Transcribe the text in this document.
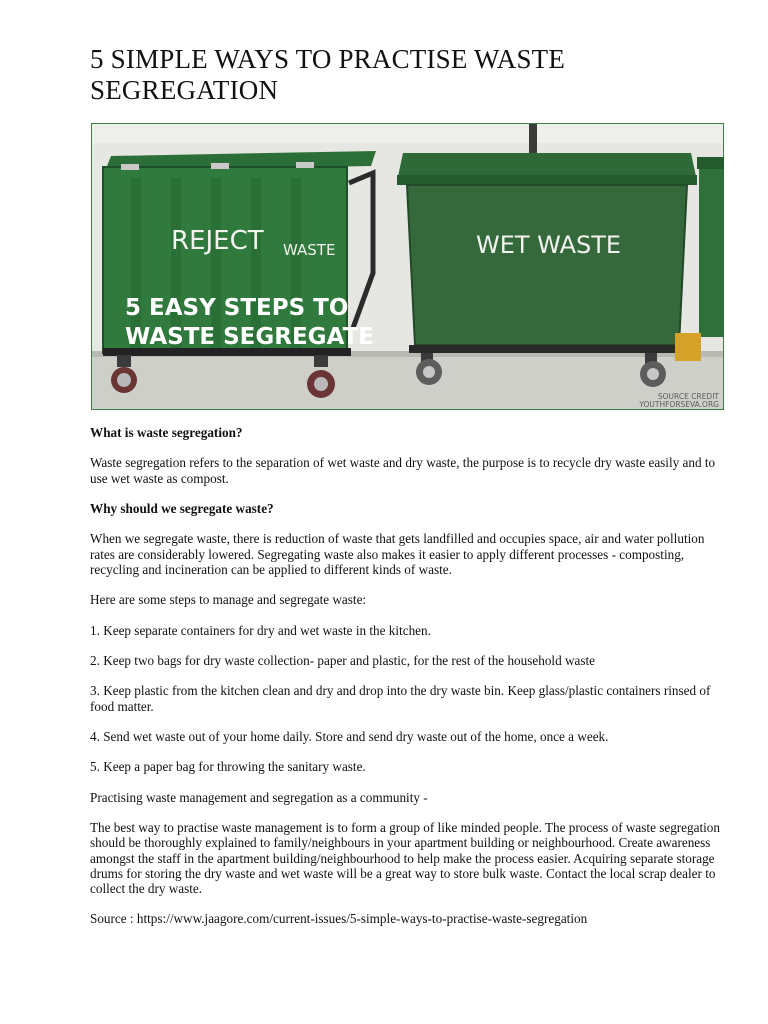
5 SIMPLE WAYS TO PRACTISE WASTE SEGREGATION
REJECT WASTE
5 EASY STEPS TO
WASTE SEGREGATE
WET WASTE
SOURCE CREDIT
YOUTHFORSEVA.ORG

What is waste segregation?

Waste segregation refers to the separation of wet waste and dry waste, the purpose is to recycle dry waste easily and to use wet waste as compost.

Why should we segregate waste?

When we segregate waste, there is reduction of waste that gets landfilled and occupies space, air and water pollution rates are considerably lowered. Segregating waste also makes it easier to apply different processes - composting, recycling and incineration can be applied to different kinds of waste.

Here are some steps to manage and segregate waste:

1. Keep separate containers for dry and wet waste in the kitchen.

2. Keep two bags for dry waste collection- paper and plastic, for the rest of the household waste

3. Keep plastic from the kitchen clean and dry and drop into the dry waste bin. Keep glass/plastic containers rinsed of food matter.

4. Send wet waste out of your home daily. Store and send dry waste out of the home, once a week.

5. Keep a paper bag for throwing the sanitary waste.

Practising waste management and segregation as a community -

The best way to practise waste management is to form a group of like minded people. The process of waste segregation should be thoroughly explained to family/neighbours in your apartment building or neighbourhood. Create awareness amongst the staff in the apartment building/neighbourhood to help make the process easier. Acquiring separate storage drums for storing the dry waste and wet waste will be a great way to store bulk waste. Contact the local scrap dealer to collect the dry waste.

Source : https://www.jaagore.com/current-issues/5-simple-ways-to-practise-waste-segregation
